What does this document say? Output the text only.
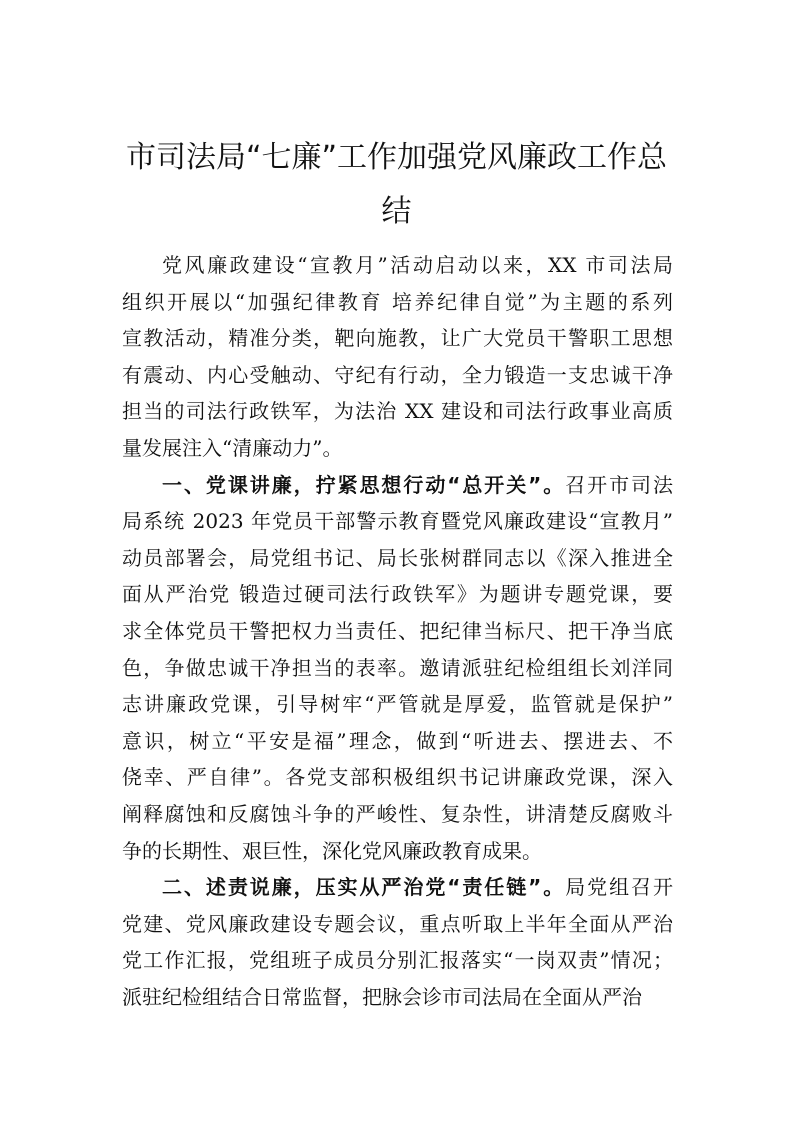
市司法局“七廉”工作加强党风廉政工作总
结
党风廉政建设“宣教月”活动启动以来，XX 市司法局
组织开展以“加强纪律教育 培养纪律自觉”为主题的系列
宣教活动，精准分类，靶向施教，让广大党员干警职工思想
有震动、内心受触动、守纪有行动，全力锻造一支忠诚干净
担当的司法行政铁军，为法治 XX 建设和司法行政事业高质
量发展注入“清廉动力”。
一、党课讲廉，拧紧思想行动“总开关”。召开市司法
局系统 2023 年党员干部警示教育暨党风廉政建设“宣教月”
动员部署会，局党组书记、局长张树群同志以《深入推进全
面从严治党 锻造过硬司法行政铁军》为题讲专题党课，要
求全体党员干警把权力当责任、把纪律当标尺、把干净当底
色，争做忠诚干净担当的表率。邀请派驻纪检组组长刘洋同
志讲廉政党课，引导树牢“严管就是厚爱，监管就是保护”
意识，树立“平安是福”理念，做到“听进去、摆进去、不
侥幸、严自律”。各党支部积极组织书记讲廉政党课，深入
阐释腐蚀和反腐蚀斗争的严峻性、复杂性，讲清楚反腐败斗
争的长期性、艰巨性，深化党风廉政教育成果。
二、述责说廉，压实从严治党“责任链”。局党组召开
党建、党风廉政建设专题会议，重点听取上半年全面从严治
党工作汇报，党组班子成员分别汇报落实“一岗双责”情况；
派驻纪检组结合日常监督，把脉会诊市司法局在全面从严治
